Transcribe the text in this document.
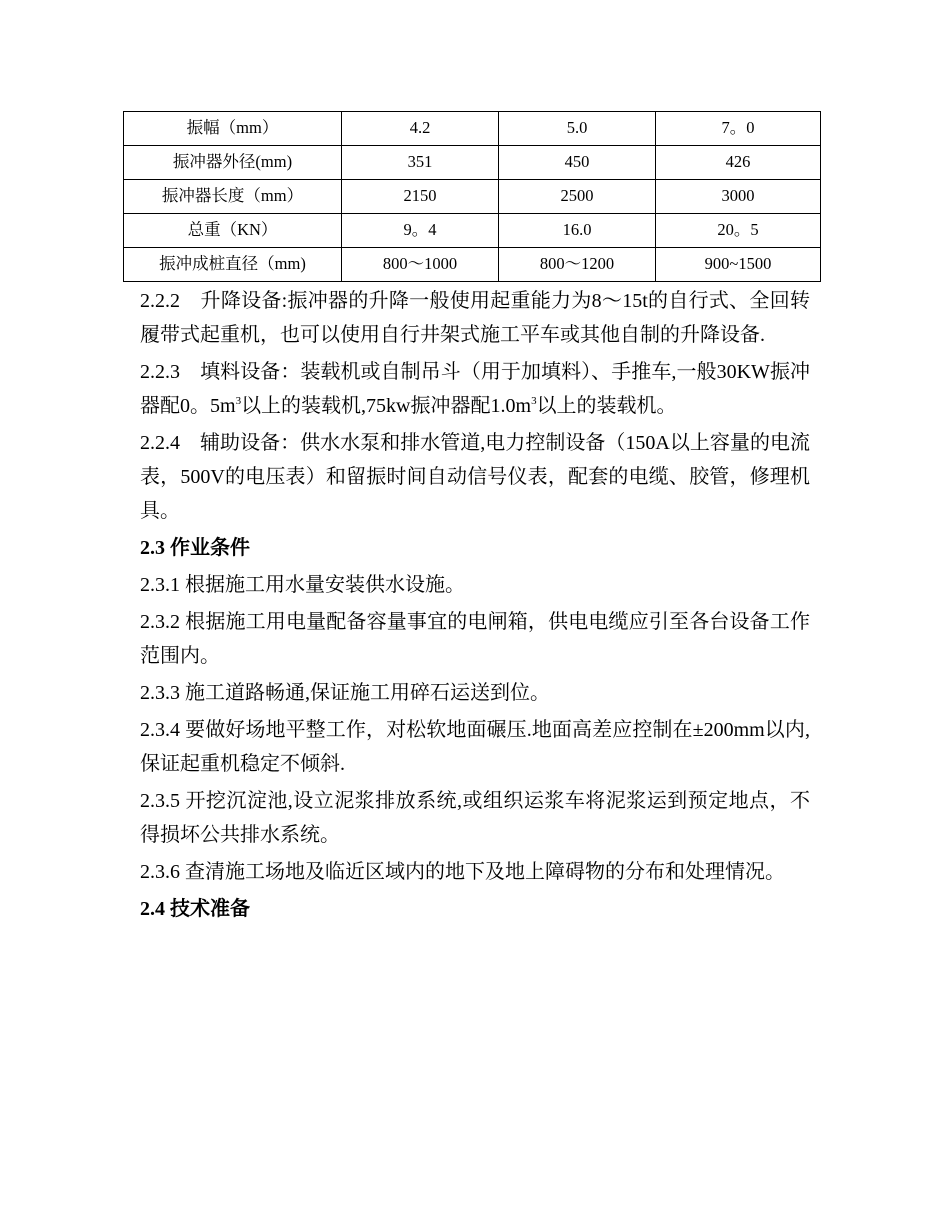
振幅（mm）	4.2	5.0	7。0
振冲器外径(mm)	351	450	426
振冲器长度（mm）	2150	2500	3000
总重（KN）	9。4	16.0	20。5
振冲成桩直径（mm)	800～1000	800～1200	900~1500

2.2.2　升降设备:振冲器的升降一般使用起重能力为8～15t的自行式、全回转履带式起重机，也可以使用自行井架式施工平车或其他自制的升降设备.

2.2.3　填料设备：装载机或自制吊斗（用于加填料）、手推车,一般30KW振冲器配0。$5m^3$以上的装载机,75kw振冲器配$1.0m^3$以上的装载机。

2.2.4　辅助设备：供水水泵和排水管道,电力控制设备（150A以上容量的电流表，500V的电压表）和留振时间自动信号仪表，配套的电缆、胶管，修理机具。

2.3 作业条件

2.3.1 根据施工用水量安装供水设施。

2.3.2 根据施工用电量配备容量事宜的电闸箱，供电电缆应引至各台设备工作范围内。

2.3.3 施工道路畅通,保证施工用碎石运送到位。

2.3.4 要做好场地平整工作，对松软地面碾压.地面高差应控制在±200mm以内,保证起重机稳定不倾斜.

2.3.5 开挖沉淀池,设立泥浆排放系统,或组织运浆车将泥浆运到预定地点，不得损坏公共排水系统。

2.3.6 查清施工场地及临近区域内的地下及地上障碍物的分布和处理情况。

2.4 技术准备
